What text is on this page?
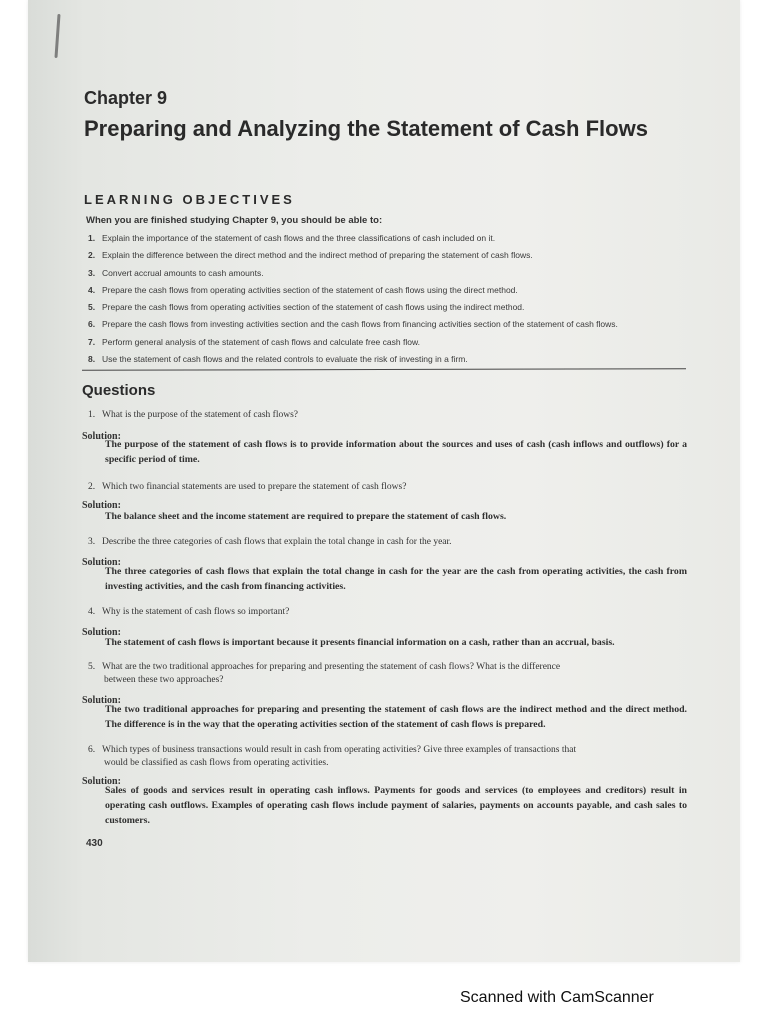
Chapter 9
Preparing and Analyzing the Statement of Cash Flows
LEARNING OBJECTIVES
When you are finished studying Chapter 9, you should be able to:
1. Explain the importance of the statement of cash flows and the three classifications of cash included on it.
2. Explain the difference between the direct method and the indirect method of preparing the statement of cash flows.
3. Convert accrual amounts to cash amounts.
4. Prepare the cash flows from operating activities section of the statement of cash flows using the direct method.
5. Prepare the cash flows from operating activities section of the statement of cash flows using the indirect method.
6. Prepare the cash flows from investing activities section and the cash flows from financing activities section of the statement of cash flows.
7. Perform general analysis of the statement of cash flows and calculate free cash flow.
8. Use the statement of cash flows and the related controls to evaluate the risk of investing in a firm.
Questions
1. What is the purpose of the statement of cash flows?
Solution:
The purpose of the statement of cash flows is to provide information about the sources and uses of cash (cash inflows and outflows) for a specific period of time.
2. Which two financial statements are used to prepare the statement of cash flows?
Solution:
The balance sheet and the income statement are required to prepare the statement of cash flows.
3. Describe the three categories of cash flows that explain the total change in cash for the year.
Solution:
The three categories of cash flows that explain the total change in cash for the year are the cash from operating activities, the cash from investing activities, and the cash from financing activities.
4. Why is the statement of cash flows so important?
Solution:
The statement of cash flows is important because it presents financial information on a cash, rather than an accrual, basis.
5. What are the two traditional approaches for preparing and presenting the statement of cash flows? What is the difference
between these two approaches?
Solution:
The two traditional approaches for preparing and presenting the statement of cash flows are the indirect method and the direct method. The difference is in the way that the operating activities section of the statement of cash flows is prepared.
6. Which types of business transactions would result in cash from operating activities? Give three examples of transactions that
would be classified as cash flows from operating activities.
Solution:
Sales of goods and services result in operating cash inflows. Payments for goods and services (to employees and creditors) result in operating cash outflows. Examples of operating cash flows include payment of salaries, payments on accounts payable, and cash sales to customers.
430
Scanned with CamScanner
